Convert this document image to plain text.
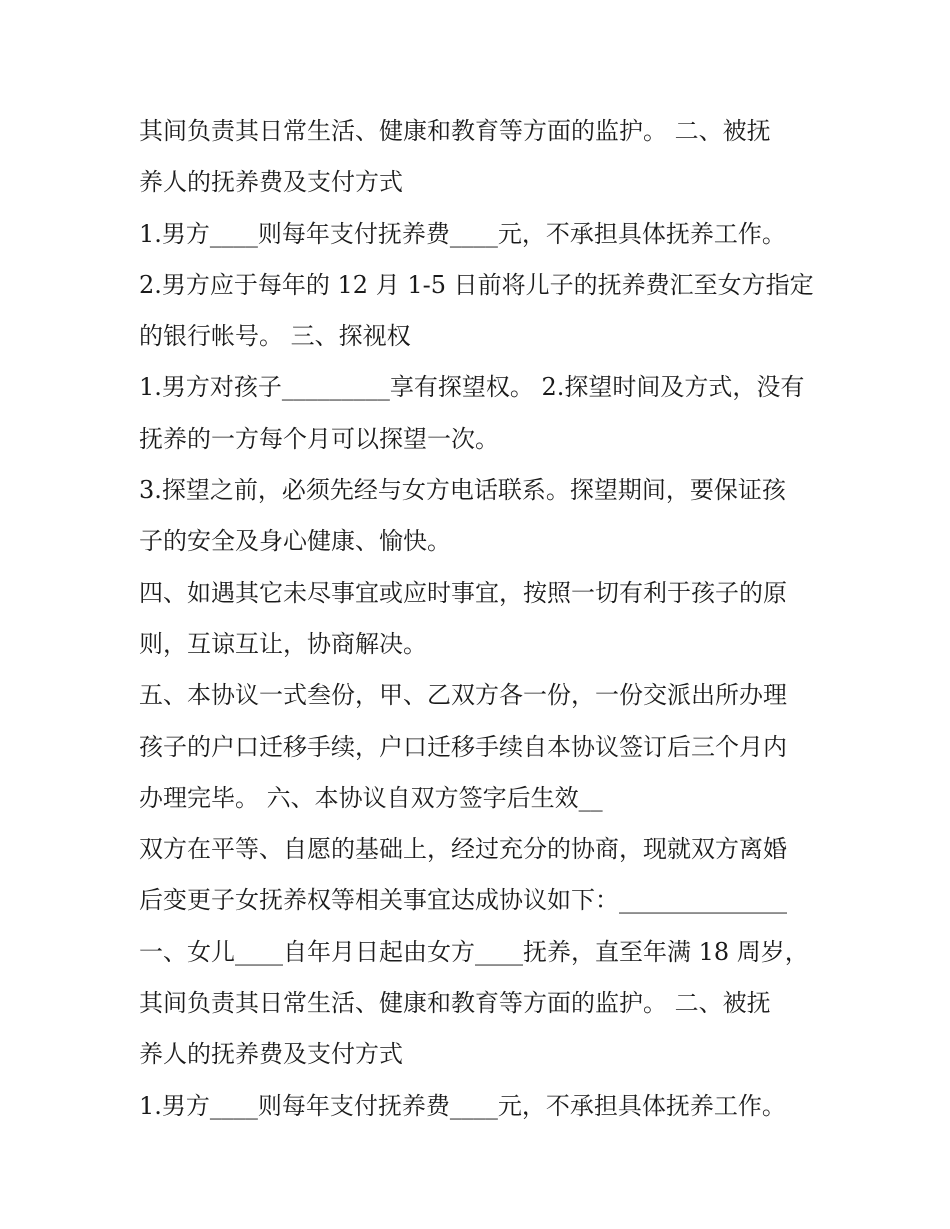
其间负责其日常生活、健康和教育等方面的监护。 二、被抚
养人的抚养费及支付方式
1.男方____则每年支付抚养费____元，不承担具体抚养工作。
2.男方应于每年的 12 月 1-5 日前将儿子的抚养费汇至女方指定
的银行帐号。 三、探视权
1.男方对孩子_________享有探望权。 2.探望时间及方式，没有
抚养的一方每个月可以探望一次。
3.探望之前，必须先经与女方电话联系。探望期间，要保证孩
子的安全及身心健康、愉快。
四、如遇其它未尽事宜或应时事宜，按照一切有利于孩子的原
则，互谅互让，协商解决。
五、本协议一式叁份，甲、乙双方各一份，一份交派出所办理
孩子的户口迁移手续，户口迁移手续自本协议签订后三个月内
办理完毕。 六、本协议自双方签字后生效__
双方在平等、自愿的基础上，经过充分的协商，现就双方离婚
后变更子女抚养权等相关事宜达成协议如下：______________
一、女儿____自年月日起由女方____抚养，直至年满 18 周岁，
其间负责其日常生活、健康和教育等方面的监护。 二、被抚
养人的抚养费及支付方式
1.男方____则每年支付抚养费____元，不承担具体抚养工作。
